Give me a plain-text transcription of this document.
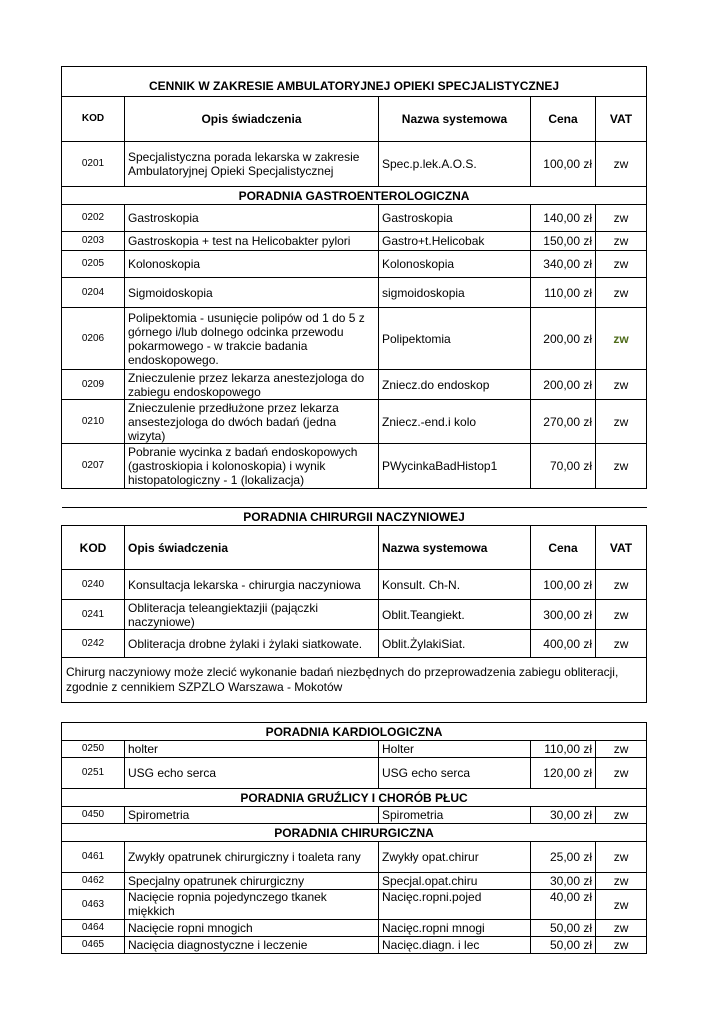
CENNIK W ZAKRESIE AMBULATORYJNEJ OPIEKI SPECJALISTYCZNEJ				
KOD	Opis świadczenia	Nazwa systemowa	Cena	VAT
0201	Specjalistyczna porada lekarska w zakresie Ambulatoryjnej Opieki Specjalistycznej	Spec.p.lek.A.O.S.	100,00 zł	zw
PORADNIA GASTROENTEROLOGICZNA				
0202	Gastroskopia	Gastroskopia	140,00 zł	zw
0203	Gastroskopia + test na Helicobakter pylori	Gastro+t.Helicobak	150,00 zł	zw
0205	Kolonoskopia	Kolonoskopia	340,00 zł	zw
0204	Sigmoidoskopia	sigmoidoskopia	110,00 zł	zw
0206	Polipektomia - usunięcie polipów od 1 do 5 z górnego i/lub dolnego odcinka przewodu pokarmowego - w trakcie badania endoskopowego.	Polipektomia	200,00 zł	zw
0209	Znieczulenie przez lekarza anestezjologa do zabiegu endoskopowego	Zniecz.do endoskop	200,00 zł	zw
0210	Znieczulenie przedłużone przez lekarza ansestezjologa do dwóch badań (jedna wizyta)	Zniecz.-end.i kolo	270,00 zł	zw
0207	Pobranie wycinka z badań endoskopowych (gastroskiopia i kolonoskopia) i wynik histopatologiczny - 1 (lokalizacja)	PWycinkaBadHistop1	70,00 zł	zw
PORADNIA CHIRURGII NACZYNIOWEJ				
KOD	Opis świadczenia	Nazwa systemowa	Cena	VAT
0240	Konsultacja lekarska - chirurgia naczyniowa	Konsult. Ch-N.	100,00 zł	zw
0241	Obliteracja teleangiektazjii (pajączki naczyniowe)	Oblit.Teangiekt.	300,00 zł	zw
0242	Obliteracja drobne żylaki i żylaki siatkowate.	Oblit.ŻylakiSiat.	400,00 zł	zw
Chirurg naczyniowy może zlecić wykonanie badań niezbędnych do przeprowadzenia zabiegu obliteracji, zgodnie z cennikiem SZPZLO Warszawa - Mokotów				
PORADNIA KARDIOLOGICZNA				
0250	holter	Holter	110,00 zł	zw
0251	USG echo serca	USG echo serca	120,00 zł	zw
PORADNIA GRUŹLICY I CHORÓB PŁUC				
0450	Spirometria	Spirometria	30,00 zł	zw
PORADNIA CHIRURGICZNA				
0461	Zwykły opatrunek chirurgiczny i toaleta rany	Zwykły opat.chirur	25,00 zł	zw
0462	Specjalny opatrunek chirurgiczny	Specjal.opat.chiru	30,00 zł	zw
0463	Nacięcie ropnia pojedynczego tkanek miękkich	Nacięc.ropni.pojed	40,00 zł	zw
0464	Nacięcie ropni mnogich	Nacięc.ropni mnogi	50,00 zł	zw
0465	Nacięcia diagnostyczne i leczenie	Nacięc.diagn. i lec	50,00 zł	zw
